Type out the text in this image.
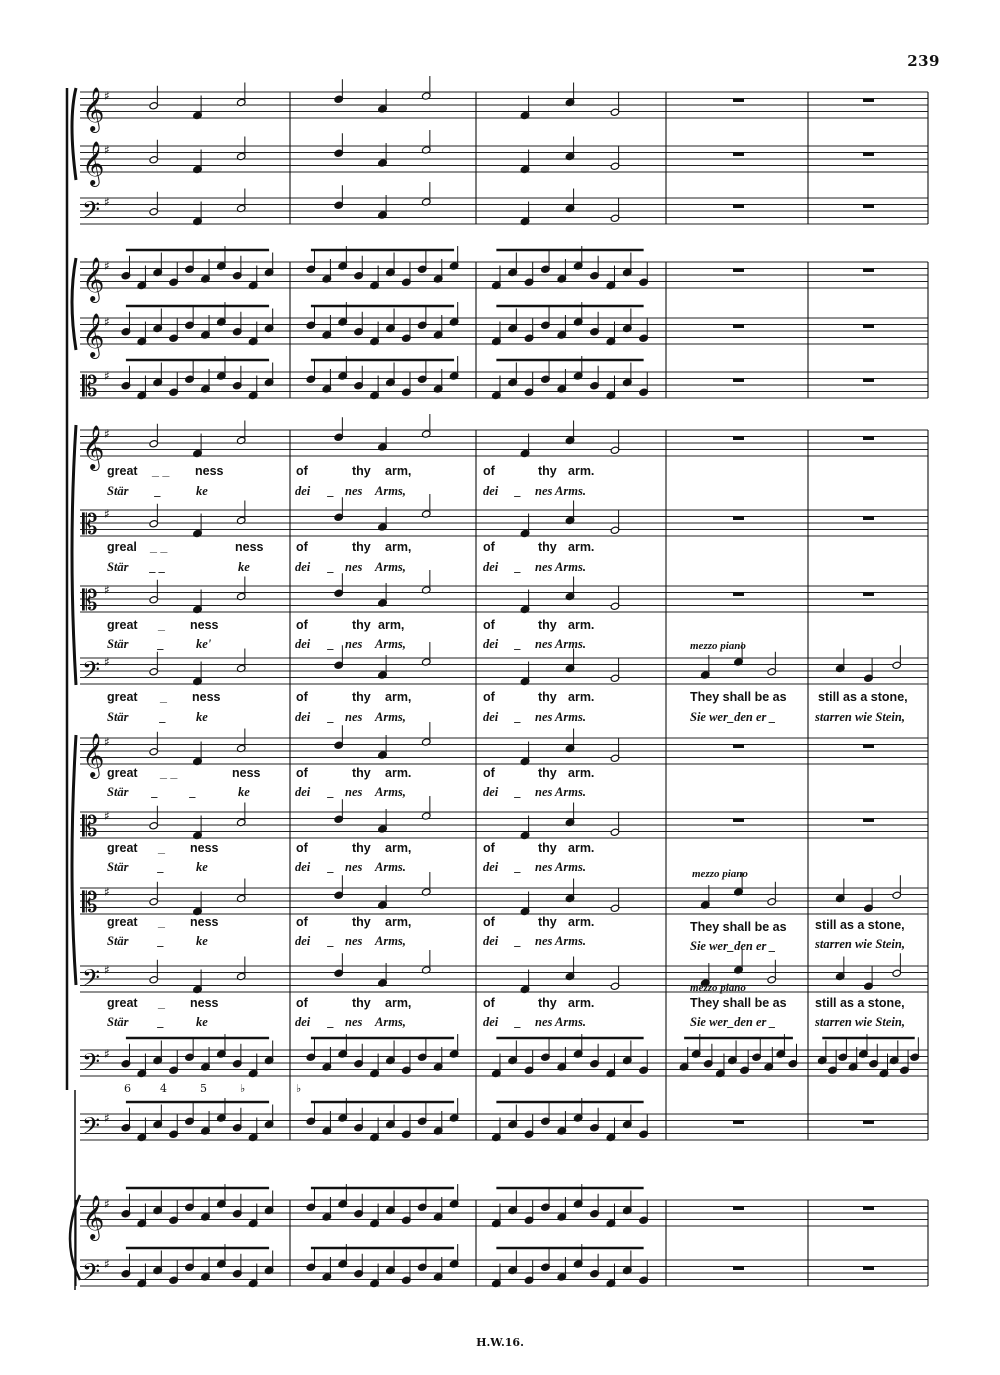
239
𝄞 ♯
𝄞 ♯
𝄢 ♯
𝄞 ♯
𝄞 ♯
𝄡 ♯
𝄞 ♯
𝄡 ♯
𝄡 ♯
𝄢 ♯
𝄞 ♯
𝄡 ♯
𝄡 ♯
𝄢 ♯
𝄢 ♯
𝄢 ♯
𝄞 ♯
𝄢 ♯
6	4	5	♭	♭
great _ _ ness	of	thy arm,	of	thy arm.
Stär _	ke	dei _ nes Arms,	dei _ nes Arms.
greal _ _	ness	of	thy arm,	of	thy arm.
Stär _ _	ke	dei _ nes Arms,	dei _ nes Arms.
great _ ness	of	thy arm,	of	thy arm.
Stär _	ke'	dei _ nes Arms,	dei _ nes Arms.	mezzo piano
great _ ness	of	thy arm,	of	thy arm.	They shall be as	still as a stone,
Stär	_ ke	dei _ nes Arms,	dei _ nes Arms.	Sie wer_den er _	starren wie Stein,
great _ _	ness	of	thy arm.	of	thy arm.
Stär _	_	ke	dei _ nes Arms,	dei _ nes Arms.
great _ ness	of	thy arm,	of	thy arm.
Stär _	ke	dei _ nes Arms.	dei _ nes Arms.	mezzo piano
great _ ness	of	thy arm,	of	thy arm.	They shall be as still as a stone,
Stär _	ke	dei _ nes Arms,	dei _ nes Arms.	Sie wer_den er _	starren wie Stein,
great _ ness	of	thy arm,	of	thy arm.	They shall be as still as a stone,
Stär _	ke	dei _ nes Arms,	dei _ nes Arms.	Sie wer_den er _	starren wie Stein,
mezzo piano
H.W.16.
